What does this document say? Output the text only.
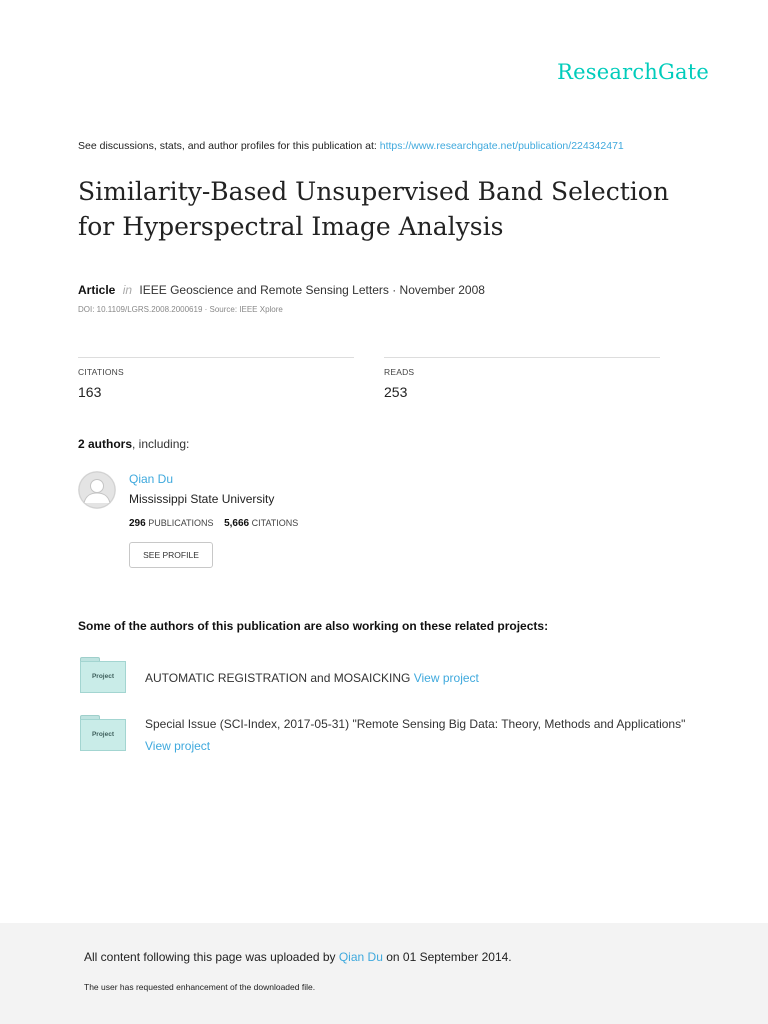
ResearchGate
See discussions, stats, and author profiles for this publication at: https://www.researchgate.net/publication/224342471
Similarity-Based Unsupervised Band Selection
for Hyperspectral Image Analysis
Article in IEEE Geoscience and Remote Sensing Letters · November 2008
DOI: 10.1109/LGRS.2008.2000619 · Source: IEEE Xplore
CITATIONS
163
READS
253
2 authors, including:
Qian Du
Mississippi State University
296 PUBLICATIONS 5,666 CITATIONS
SEE PROFILE
Some of the authors of this publication are also working on these related projects:
Project	AUTOMATIC REGISTRATION and MOSAICKING View project
Project
Special Issue (SCI-Index, 2017-05-31) "Remote Sensing Big Data: Theory, Methods and Applications"
View project
All content following this page was uploaded by Qian Du on 01 September 2014.
The user has requested enhancement of the downloaded file.
